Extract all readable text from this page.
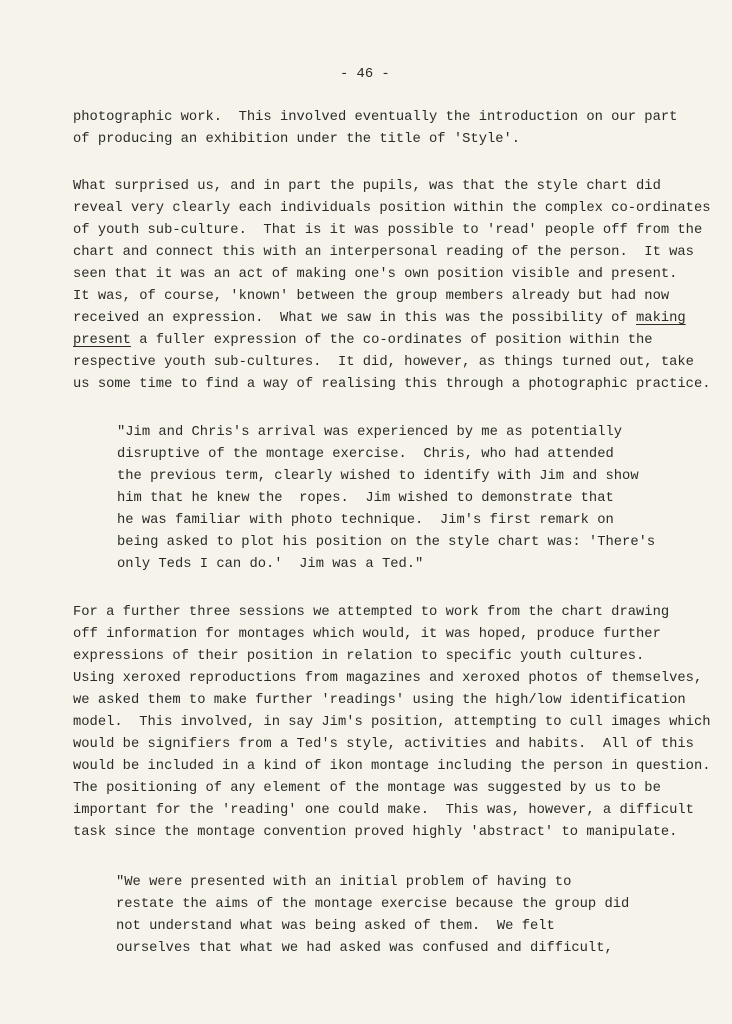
- 46 -
photographic work.  This involved eventually the introduction on our part
of producing an exhibition under the title of 'Style'.
What surprised us, and in part the pupils, was that the style chart did
reveal very clearly each individuals position within the complex co-ordinates
of youth sub-culture.  That is it was possible to 'read' people off from the
chart and connect this with an interpersonal reading of the person.  It was
seen that it was an act of making one's own position visible and present.
It was, of course, 'known' between the group members already but had now
received an expression.  What we saw in this was the possibility of making
present a fuller expression of the co-ordinates of position within the
respective youth sub-cultures.  It did, however, as things turned out, take
us some time to find a way of realising this through a photographic practice.
"Jim and Chris's arrival was experienced by me as potentially
disruptive of the montage exercise.  Chris, who had attended
the previous term, clearly wished to identify with Jim and show
him that he knew the  ropes.  Jim wished to demonstrate that
he was familiar with photo technique.  Jim's first remark on
being asked to plot his position on the style chart was: 'There's
only Teds I can do.'  Jim was a Ted."
For a further three sessions we attempted to work from the chart drawing
off information for montages which would, it was hoped, produce further
expressions of their position in relation to specific youth cultures.
Using xeroxed reproductions from magazines and xeroxed photos of themselves,
we asked them to make further 'readings' using the high/low identification
model.  This involved, in say Jim's position, attempting to cull images which
would be signifiers from a Ted's style, activities and habits.  All of this
would be included in a kind of ikon montage including the person in question.
The positioning of any element of the montage was suggested by us to be
important for the 'reading' one could make.  This was, however, a difficult
task since the montage convention proved highly 'abstract' to manipulate.
"We were presented with an initial problem of having to
restate the aims of the montage exercise because the group did
not understand what was being asked of them.  We felt
ourselves that what we had asked was confused and difficult,
